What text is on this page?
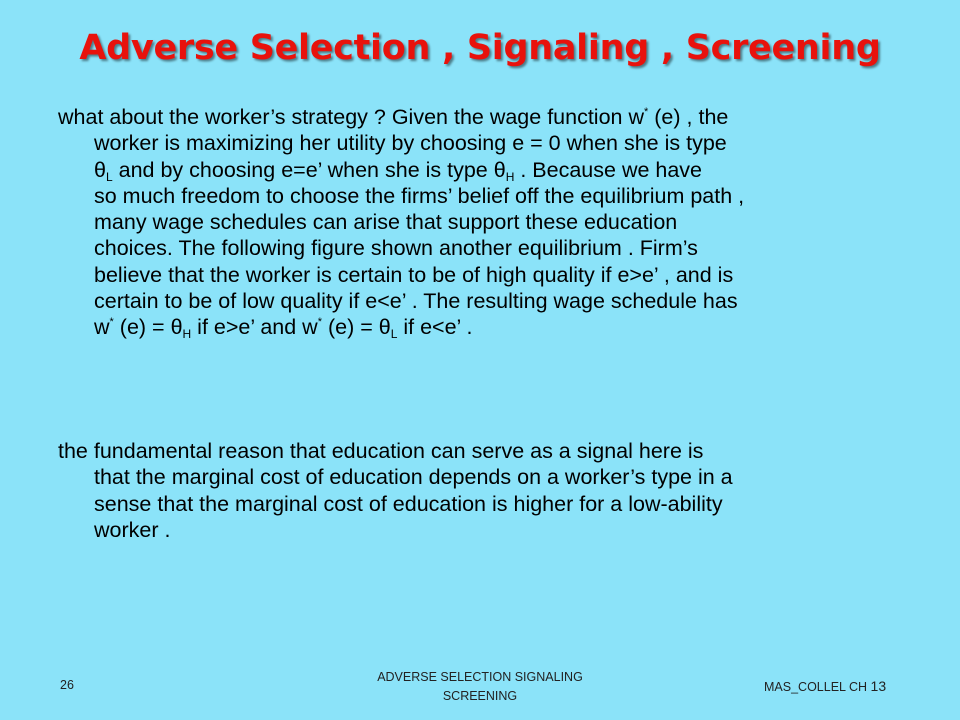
Adverse Selection , Signaling , Screening
what about the worker’s strategy ? Given the wage function w* (e) , the
worker is maximizing her utility by choosing e = 0 when she is type
$\theta_L$ and by choosing e=e’ when she is type $\theta_H$ . Because we have
so much freedom to choose the firms’ belief off the equilibrium path ,
many wage schedules can arise that support these education
choices. The following figure shown another equilibrium . Firm’s
believe that the worker is certain to be of high quality if e>e’ , and is
certain to be of low quality if e<e’ . The resulting wage schedule has
w* $(e) = \theta_H$ if e>e’ and w* $(e) = \theta_L$ if e<e’ .
the fundamental reason that education can serve as a signal here is
that the marginal cost of education depends on a worker’s type in a
sense that the marginal cost of education is higher for a low-ability
worker .
26
ADVERSE SELECTION SIGNALING SCREENING
MAS_COLLEL CH 13
